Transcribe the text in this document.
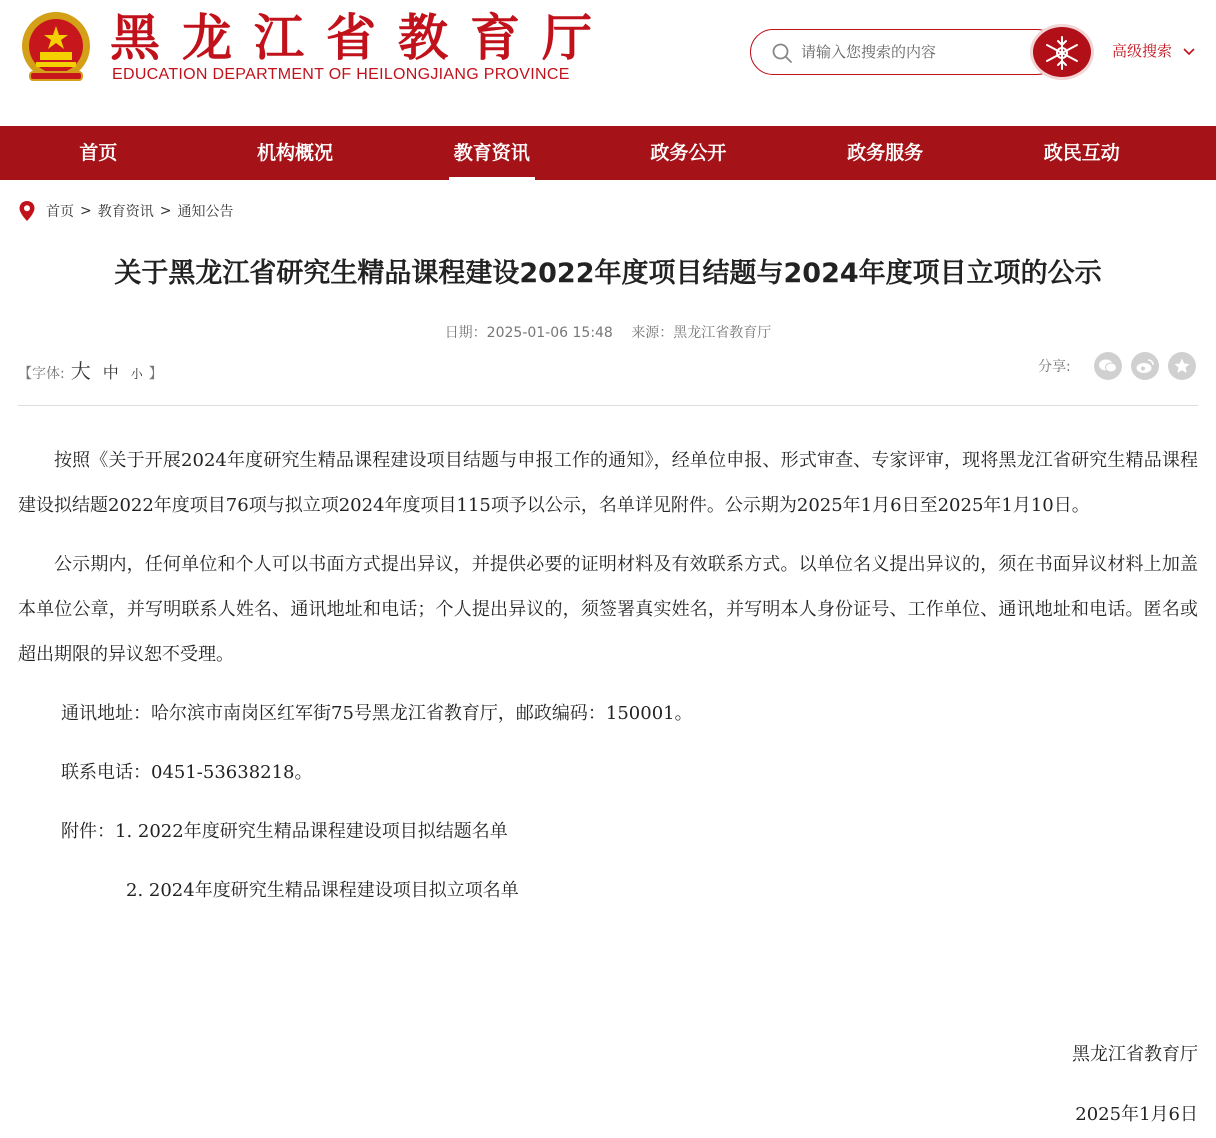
黑龙江省教育厅
EDUCATION DEPARTMENT OF HEILONGJIANG PROVINCE
请输入您搜索的内容
高级搜索
首页	机构概况	教育资讯	政务公开	政务服务	政民互动
首页 > 教育资讯 > 通知公告
关于黑龙江省研究生精品课程建设2022年度项目结题与2024年度项目立项的公示
日期：2025-01-06 15:48 来源：黑龙江省教育厅
【字体: 大 中 小 】	分享:

按照《关于开展2024年度研究生精品课程建设项目结题与申报工作的通知》，经单位申报、形式审查、专家评审，现将黑龙江省研究生精品课程建设拟结题2022年度项目76项与拟立项2024年度项目115项予以公示，名单详见附件。公示期为2025年1月6日至2025年1月10日。

公示期内，任何单位和个人可以书面方式提出异议，并提供必要的证明材料及有效联系方式。以单位名义提出异议的，须在书面异议材料上加盖本单位公章，并写明联系人姓名、通讯地址和电话；个人提出异议的，须签署真实姓名，并写明本人身份证号、工作单位、通讯地址和电话。匿名或超出期限的异议恕不受理。

通讯地址：哈尔滨市南岗区红军街75号黑龙江省教育厅，邮政编码：150001。

联系电话：0451-53638218。

附件：1. 2022年度研究生精品课程建设项目拟结题名单

2. 2024年度研究生精品课程建设项目拟立项名单

黑龙江省教育厅
2025年1月6日
